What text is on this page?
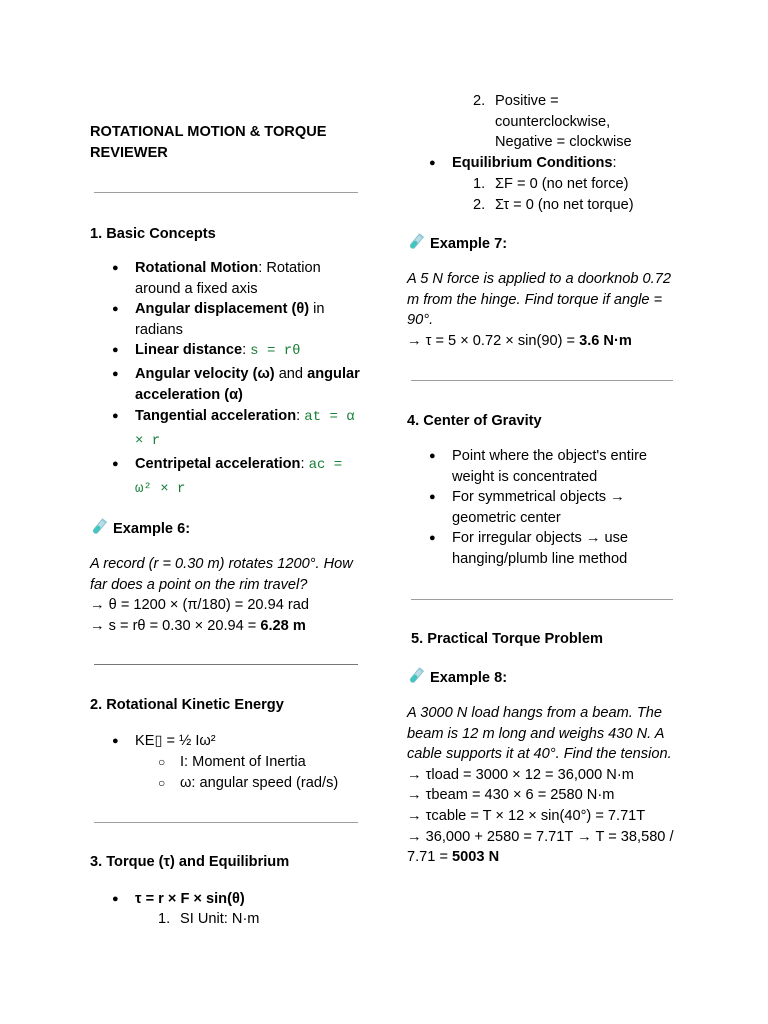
ROTATIONAL MOTION & TORQUE REVIEWER
1. Basic Concepts
● Rotational Motion: Rotation around a fixed axis
● Angular displacement (θ) in radians
● Linear distance: s = rθ
● Angular velocity (ω) and angular acceleration (α)
● Tangential acceleration: at = α × r
● Centripetal acceleration: ac = ω² × r
Example 6:
A record (r = 0.30 m) rotates 1200°. How far does a point on the rim travel?
→ θ = 1200 × (π/180) = 20.94 rad
→ s = rθ = 0.30 × 20.94 = 6.28 m
2. Rotational Kinetic Energy
● KE▯ = ½ Iω²
○ I: Moment of Inertia
○ ω: angular speed (rad/s)
3. Torque (τ) and Equilibrium
● τ = r × F × sin(θ)
1. SI Unit: N·m
2. Positive = counterclockwise, Negative = clockwise
● Equilibrium Conditions:
1. ΣF = 0 (no net force)
2. Στ = 0 (no net torque)
Example 7:
A 5 N force is applied to a doorknob 0.72 m from the hinge. Find torque if angle = 90°.
→ τ = 5 × 0.72 × sin(90) = 3.6 N·m
4. Center of Gravity
● Point where the object's entire weight is concentrated
● For symmetrical objects → geometric center
● For irregular objects → use hanging/plumb line method
5. Practical Torque Problem
Example 8:
A 3000 N load hangs from a beam. The beam is 12 m long and weighs 430 N. A cable supports it at 40°. Find the tension.
→ τload = 3000 × 12 = 36,000 N·m
→ τbeam = 430 × 6 = 2580 N·m
→ τcable = T × 12 × sin(40°) = 7.71T
→ 36,000 + 2580 = 7.71T → T = 38,580 / 7.71 = 5003 N
